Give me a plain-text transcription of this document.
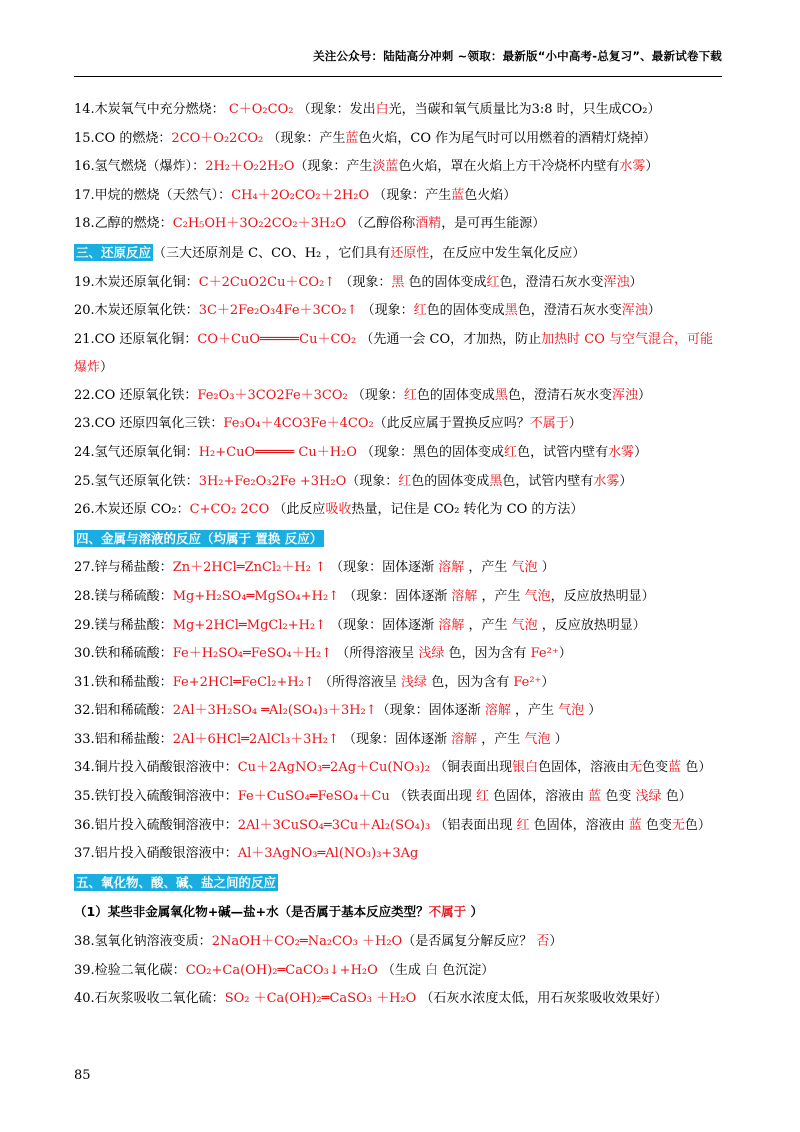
关注公众号：陆陆高分冲刺 ~领取：最新版“小中高考-总复习”、最新试卷下载
14.木炭氧气中充分燃烧： C＋O₂CO₂ （现象：发出白光，当碳和氧气质量比为3:8 时，只生成CO₂）
15.CO 的燃烧：2CO＋O₂2CO₂ （现象：产生蓝色火焰，CO 作为尾气时可以用燃着的酒精灯烧掉）
16.氢气燃烧（爆炸）：2H₂＋O₂2H₂O（现象：产生淡蓝色火焰，罩在火焰上方干冷烧杯内壁有水雾）
17.甲烷的燃烧（天然气）：CH₄＋2O₂CO₂＋2H₂O （现象：产生蓝色火焰）
18.乙醇的燃烧：C₂H₅OH＋3O₂2CO₂＋3H₂O （乙醇俗称酒精，是可再生能源）
三、还原反应 （三大还原剂是 C、CO、H₂ ，它们具有还原性，在反应中发生氧化反应）
19.木炭还原氧化铜：C＋2CuO2Cu＋CO₂↑ （现象：黑 色的固体变成红色，澄清石灰水变浑浊）
20.木炭还原氧化铁：3C＋2Fe₂O₃4Fe＋3CO₂↑ （现象：红色的固体变成黑色，澄清石灰水变浑浊）
21.CO 还原氧化铜：CO＋CuO═════Cu＋CO₂ （先通一会 CO，才加热，防止加热时 CO 与空气混合，可能爆炸）
22.CO 还原氧化铁：Fe₂O₃＋3CO2Fe＋3CO₂ （现象：红色的固体变成黑色，澄清石灰水变浑浊）
23.CO 还原四氧化三铁：Fe₃O₄＋4CO3Fe＋4CO₂（此反应属于置换反应吗？不属于）
24.氢气还原氧化铜：H₂+CuO═════ Cu＋H₂O （现象：黑色的固体变成红色，试管内壁有水雾）
25.氢气还原氧化铁：3H₂+Fe₂O₃2Fe +3H₂O（现象：红色的固体变成黑色，试管内壁有水雾）
26.木炭还原 CO₂：C+CO₂ 2CO （此反应吸收热量，记住是 CO₂ 转化为 CO 的方法）
四、金属与溶液的反应（均属于 置换 反应）
27.锌与稀盐酸：Zn＋2HCl═ZnCl₂＋H₂ ↑ （现象：固体逐渐 溶解 ，产生 气泡 ）
28.镁与稀硫酸：Mg+H₂SO₄═MgSO₄+H₂↑ （现象：固体逐渐 溶解 ，产生 气泡，反应放热明显）
29.镁与稀盐酸：Mg+2HCl═MgCl₂+H₂↑ （现象：固体逐渐 溶解 ，产生 气泡 ，反应放热明显）
30.铁和稀硫酸：Fe＋H₂SO₄═FeSO₄＋H₂↑ （所得溶液呈 浅绿 色，因为含有 Fe²⁺）
31.铁和稀盐酸：Fe+2HCl═FeCl₂+H₂↑ （所得溶液呈 浅绿 色，因为含有 Fe²⁺）
32.铝和稀硫酸：2Al＋3H₂SO₄ ═Al₂(SO₄)₃＋3H₂↑（现象：固体逐渐 溶解 ，产生 气泡 ）
33.铝和稀盐酸：2Al＋6HCl═2AlCl₃＋3H₂↑ （现象：固体逐渐 溶解 ，产生 气泡 ）
34.铜片投入硝酸银溶液中：Cu＋2AgNO₃═2Ag＋Cu(NO₃)₂ （铜表面出现银白色固体，溶液由无色变蓝 色）
35.铁钉投入硫酸铜溶液中：Fe＋CuSO₄═FeSO₄＋Cu （铁表面出现 红 色固体，溶液由 蓝 色变 浅绿 色）
36.铝片投入硫酸铜溶液中：2Al＋3CuSO₄═3Cu＋Al₂(SO₄)₃ （铝表面出现 红 色固体，溶液由 蓝 色变无色）
37.铝片投入硝酸银溶液中：Al＋3AgNO₃═Al(NO₃)₃+3Ag
五、氧化物、酸、碱、盐之间的反应
（1）某些非金属氧化物+碱—盐+水（是否属于基本反应类型？不属于 ）
38.氢氧化钠溶液变质：2NaOH＋CO₂═Na₂CO₃ ＋H₂O（是否属复分解反应？ 否）
39.检验二氧化碳：CO₂+Ca(OH)₂═CaCO₃↓+H₂O （生成 白 色沉淀）
40.石灰浆吸收二氧化硫：SO₂ ＋Ca(OH)₂═CaSO₃ ＋H₂O （石灰水浓度太低，用石灰浆吸收效果好）
85
